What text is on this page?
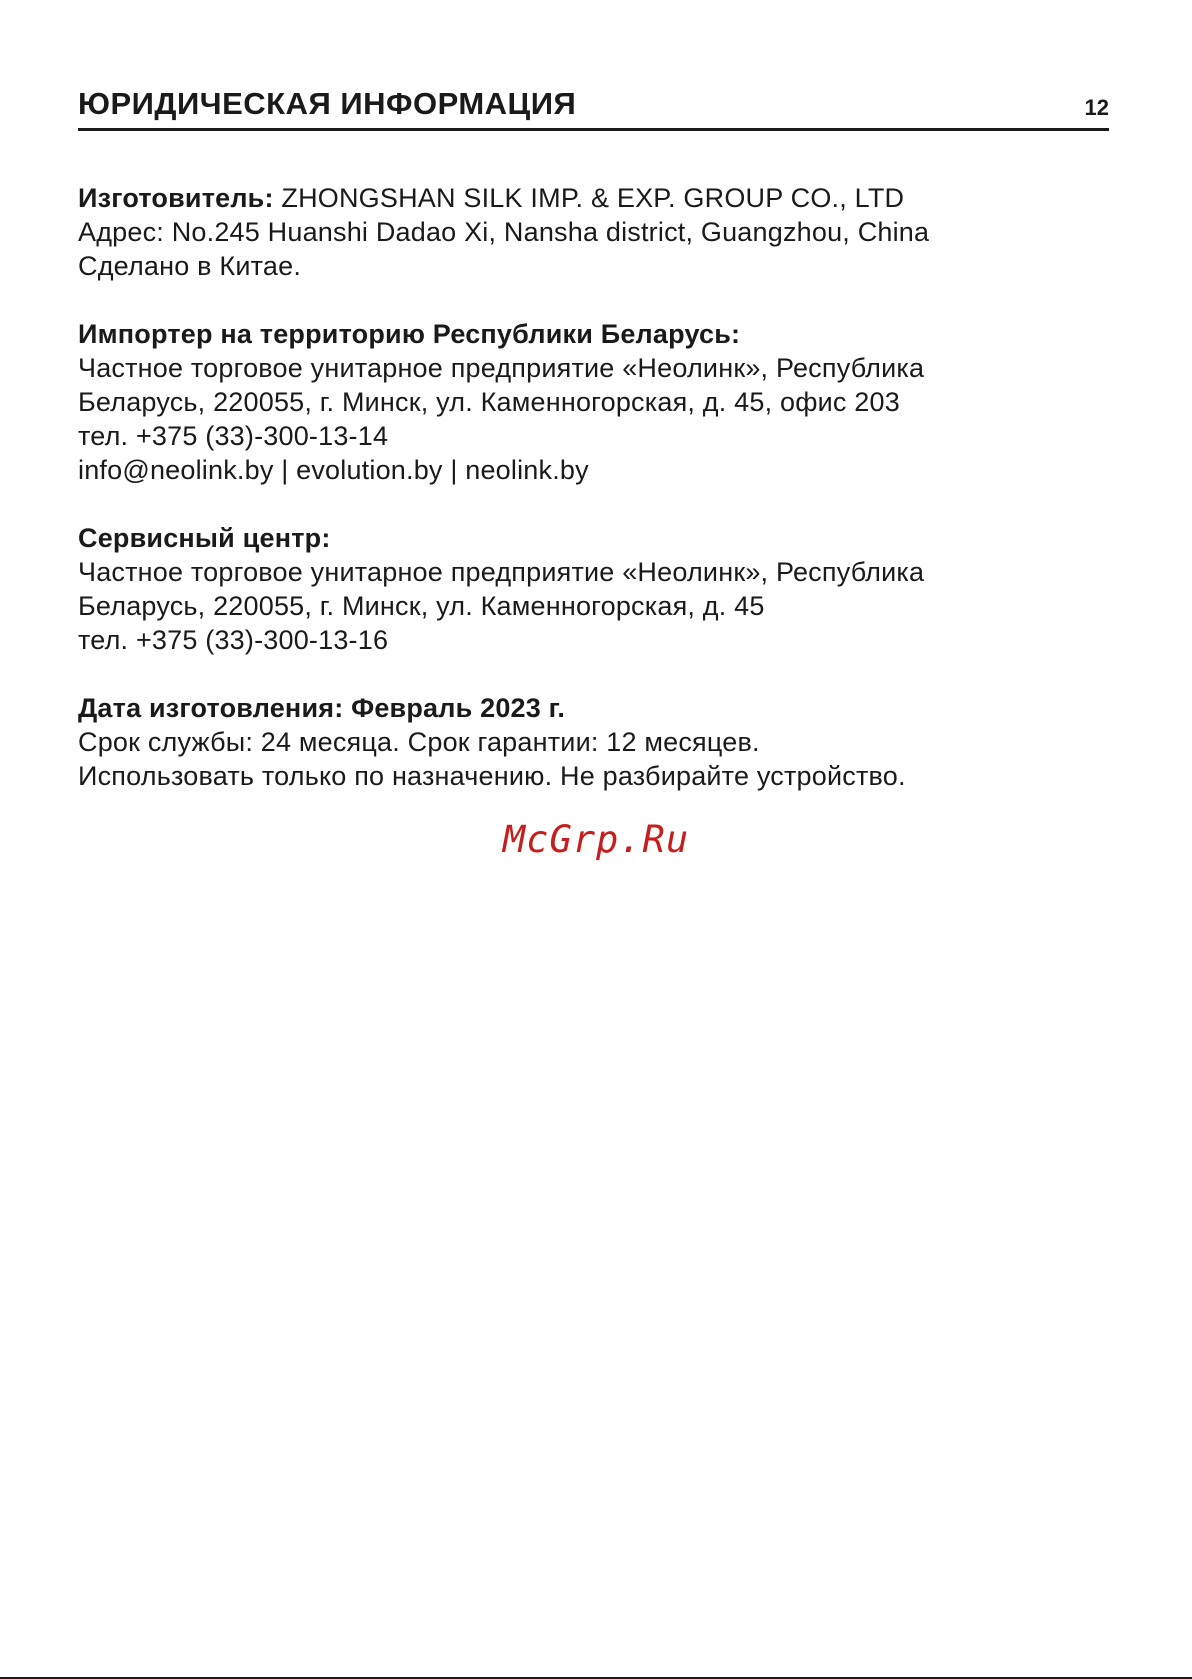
ЮРИДИЧЕСКАЯ ИНФОРМАЦИЯ	12
Изготовитель: ZHONGSHAN SILK IMP. & EXP. GROUP CO., LTD
Адрес: No.245 Huanshi Dadao Xi, Nansha district, Guangzhou, China
Сделано в Китае.
Импортер на территорию Республики Беларусь:
Частное торговое унитарное предприятие «Неолинк», Республика
Беларусь, 220055, г. Минск, ул. Каменногорская, д. 45, офис 203
тел. +375 (33)-300-13-14
info@neolink.by | evolution.by | neolink.by
Сервисный центр:
Частное торговое унитарное предприятие «Неолинк», Республика
Беларусь, 220055, г. Минск, ул. Каменногорская, д. 45
тел. +375 (33)-300-13-16
Дата изготовления: Февраль 2023 г.
Срок службы: 24 месяца. Срок гарантии: 12 месяцев.
Использовать только по назначению. Не разбирайте устройство.
McGrp.Ru
